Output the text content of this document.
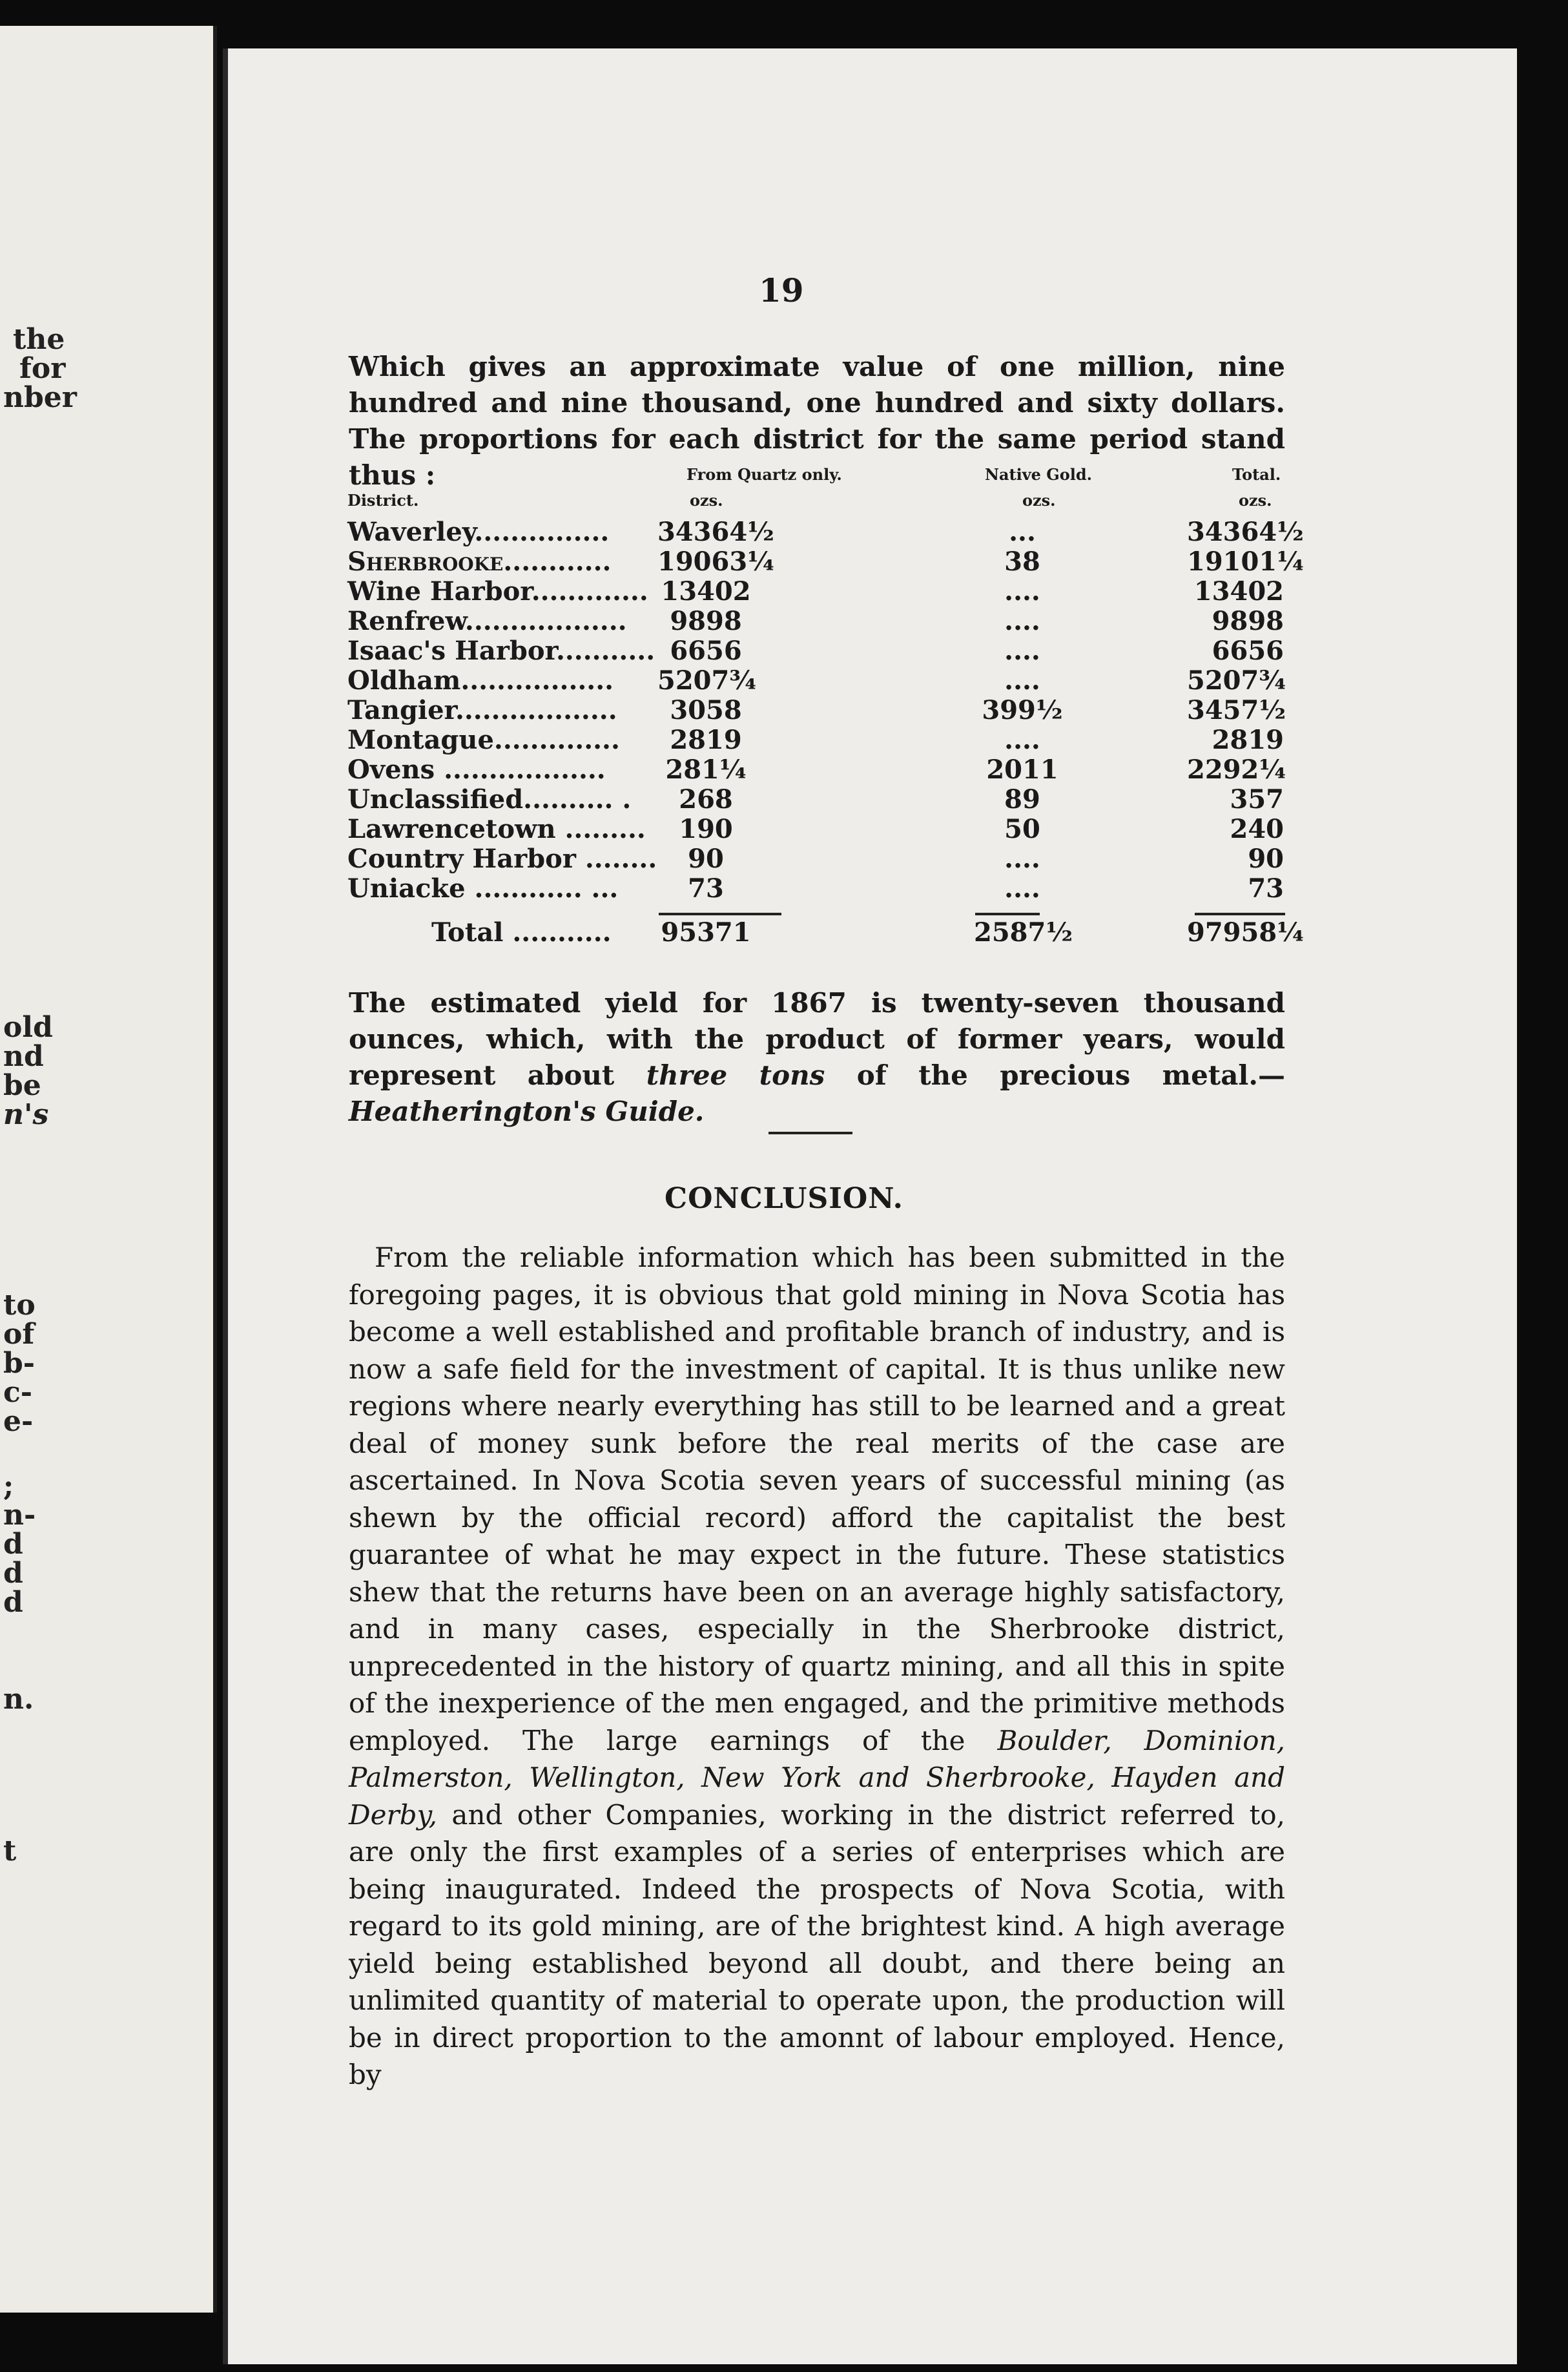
the
for
nber
old
nd
be
n's
to
of
b-
c-
e-
;
n-
d
d
d
n.
t
19
Which gives an approximate value of one million, nine hundred and nine thousand, one hundred and sixty dollars. The proportions for each district for the same period stand thus :	From Quartz only.	Native Gold.	Total.
District.	ozs.	ozs.	ozs.
Waverley............... 34364½	...	34364½
Sherbrooke............ 19063¼	38	19101¼
Wine Harbor............. 13402	....	13402
Renfrew..................	9898	....	9898
Isaac's Harbor........... 6656	....	6656
Oldham................. 5207¾	....	5207¾
Tangier..................	3058	399½	3457½
Montague..............	2819	....	2819
Ovens ..................	281¼	2011	2292¼
Unclassified.......... .	268	89	357
Lawrencetown .........	190	50	240
Country Harbor ........	90	....	90
Uniacke ............ ...	73	....	73
Total ........... 95371	2587½	97958¼
The estimated yield for 1867 is twenty-seven thousand ounces, which, with the product of former years, would represent about three tons of the precious metal.—Heatherington's Guide.
CONCLUSION.
From the reliable information which has been submitted in the foregoing pages, it is obvious that gold mining in Nova Scotia has become a well established and profitable branch of industry, and is now a safe field for the investment of capital. It is thus unlike new regions where nearly everything has still to be learned and a great deal of money sunk before the real merits of the case are ascertained. In Nova Scotia seven years of successful mining (as shewn by the official record) afford the capitalist the best guarantee of what he may expect in the future. These statistics shew that the returns have been on an average highly satisfactory, and in many cases, especially in the Sherbrooke district, unprecedented in the history of quartz mining, and all this in spite of the inexperience of the men engaged, and the primitive methods employed. The large earnings of the Boulder, Dominion, Palmerston, Wellington, New York and Sherbrooke, Hayden and Derby, and other Companies, working in the district referred to, are only the first examples of a series of enterprises which are being inaugurated. Indeed the prospects of Nova Scotia, with regard to its gold mining, are of the brightest kind. A high average yield being established beyond all doubt, and there being an unlimited quantity of material to operate upon, the production will be in direct proportion to the amonnt of labour employed. Hence, by
